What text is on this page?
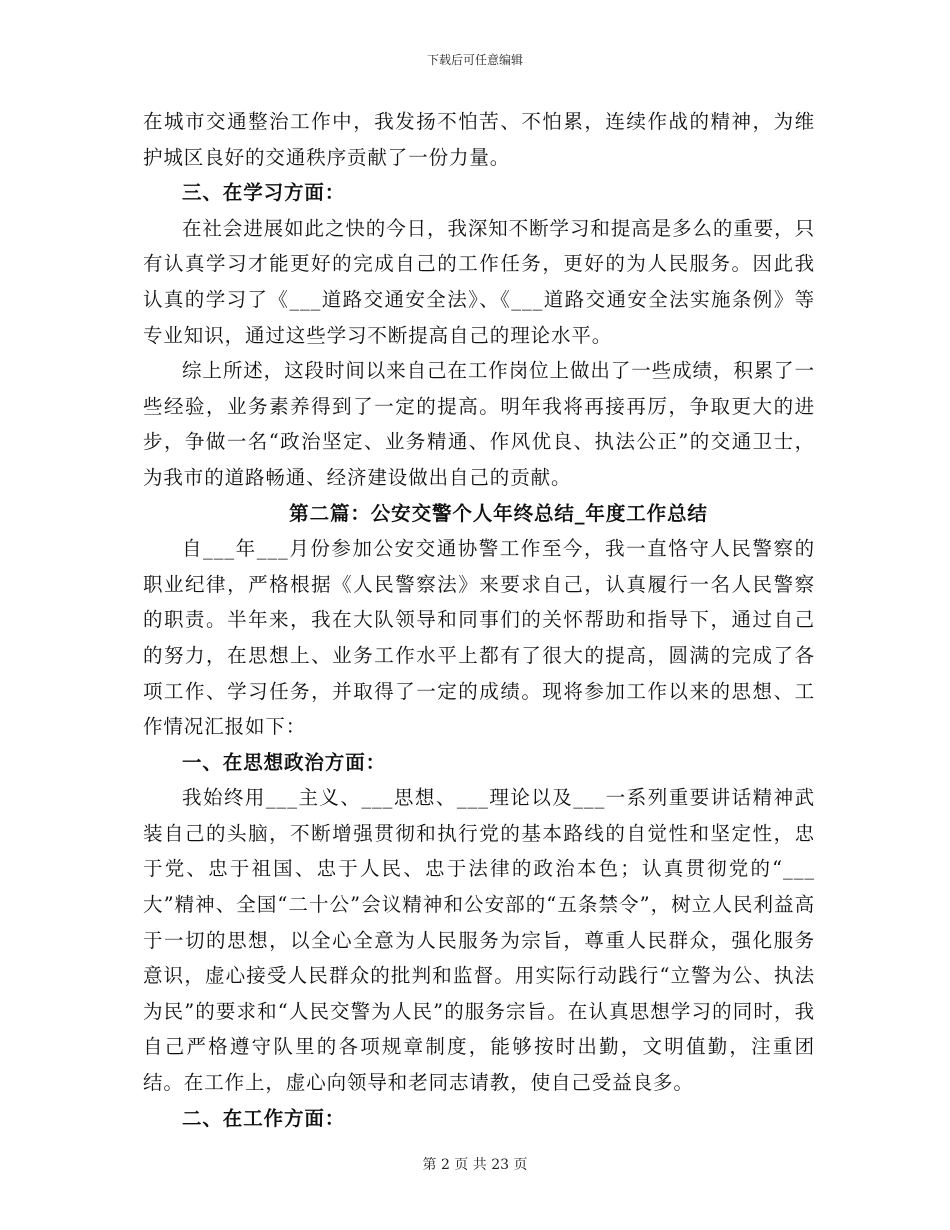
下载后可任意编辑

在城市交通整治工作中，我发扬不怕苦、不怕累，连续作战的精神，为维护城区良好的交通秩序贡献了一份力量。

三、在学习方面：

在社会进展如此之快的今日，我深知不断学习和提高是多么的重要，只有认真学习才能更好的完成自己的工作任务，更好的为人民服务。因此我认真的学习了《___道路交通安全法》、《___道路交通安全法实施条例》等专业知识，通过这些学习不断提高自己的理论水平。

综上所述，这段时间以来自己在工作岗位上做出了一些成绩，积累了一些经验，业务素养得到了一定的提高。明年我将再接再厉，争取更大的进步，争做一名“政治坚定、业务精通、作风优良、执法公正”的交通卫士，为我市的道路畅通、经济建设做出自己的贡献。

第二篇：公安交警个人年终总结_年度工作总结

自___年___月份参加公安交通协警工作至今，我一直恪守人民警察的职业纪律，严格根据《人民警察法》来要求自己，认真履行一名人民警察的职责。半年来，我在大队领导和同事们的关怀帮助和指导下，通过自己的努力，在思想上、业务工作水平上都有了很大的提高，圆满的完成了各项工作、学习任务，并取得了一定的成绩。现将参加工作以来的思想、工作情况汇报如下：

一、在思想政治方面：

我始终用___主义、___思想、___理论以及___一系列重要讲话精神武装自己的头脑，不断增强贯彻和执行党的基本路线的自觉性和坚定性，忠于党、忠于祖国、忠于人民、忠于法律的政治本色；认真贯彻党的“___大”精神、全国“二十公”会议精神和公安部的“五条禁令”，树立人民利益高于一切的思想，以全心全意为人民服务为宗旨，尊重人民群众，强化服务意识，虚心接受人民群众的批判和监督。用实际行动践行“立警为公、执法为民”的要求和“人民交警为人民”的服务宗旨。在认真思想学习的同时，我自己严格遵守队里的各项规章制度，能够按时出勤，文明值勤，注重团结。在工作上，虚心向领导和老同志请教，使自己受益良多。

二、在工作方面：

第 2 页 共 23 页
